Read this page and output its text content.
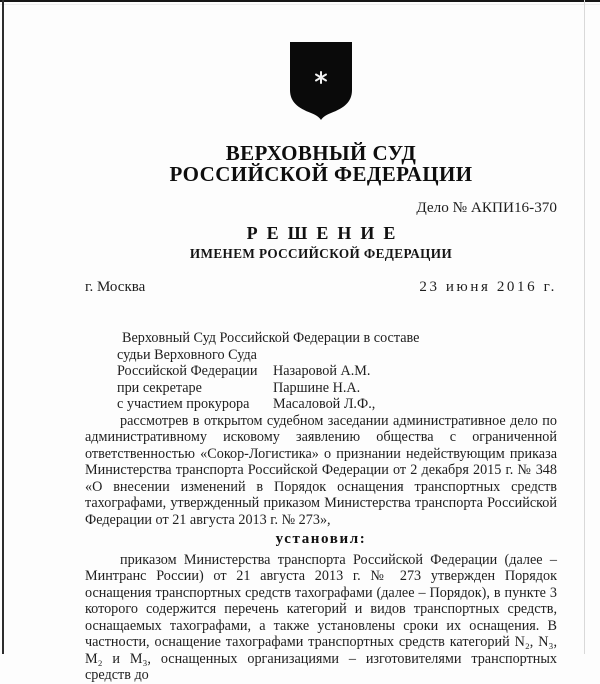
ВЕРХОВНЫЙ СУД
РОССИЙСКОЙ ФЕДЕРАЦИИ
Дело № АКПИ16-370
РЕШЕНИЕ
ИМЕНЕМ РОССИЙСКОЙ ФЕДЕРАЦИИ
г. Москва	23 июня 2016 г.

Верховный Суд Российской Федерации в составе

судьи Верховного Суда
Российской Федерации	Назаровой А.М.
при секретаре	Паршине Н.А.
с участием прокурора	Масаловой Л.Ф.,

рассмотрев в открытом судебном заседании административное дело по административному исковому заявлению общества с ограниченной ответственностью «Сокор-Логистика» о признании недействующим приказа Министерства транспорта Российской Федерации от 2 декабря 2015 г. № 348 «О внесении изменений в Порядок оснащения транспортных средств тахографами, утвержденный приказом Министерства транспорта Российской Федерации от 21 августа 2013 г. № 273»,

установил:

приказом Министерства транспорта Российской Федерации (далее – Минтранс России) от 21 августа 2013 г. № 273 утвержден Порядок оснащения транспортных средств тахографами (далее – Порядок), в пункте 3 которого содержится перечень категорий и видов транспортных средств, оснащаемых тахографами, а также установлены сроки их оснащения. В частности, оснащение тахографами транспортных средств категорий N₂, N₃, M₂ и M₃, оснащенных организациями – изготовителями транспортных средств до
